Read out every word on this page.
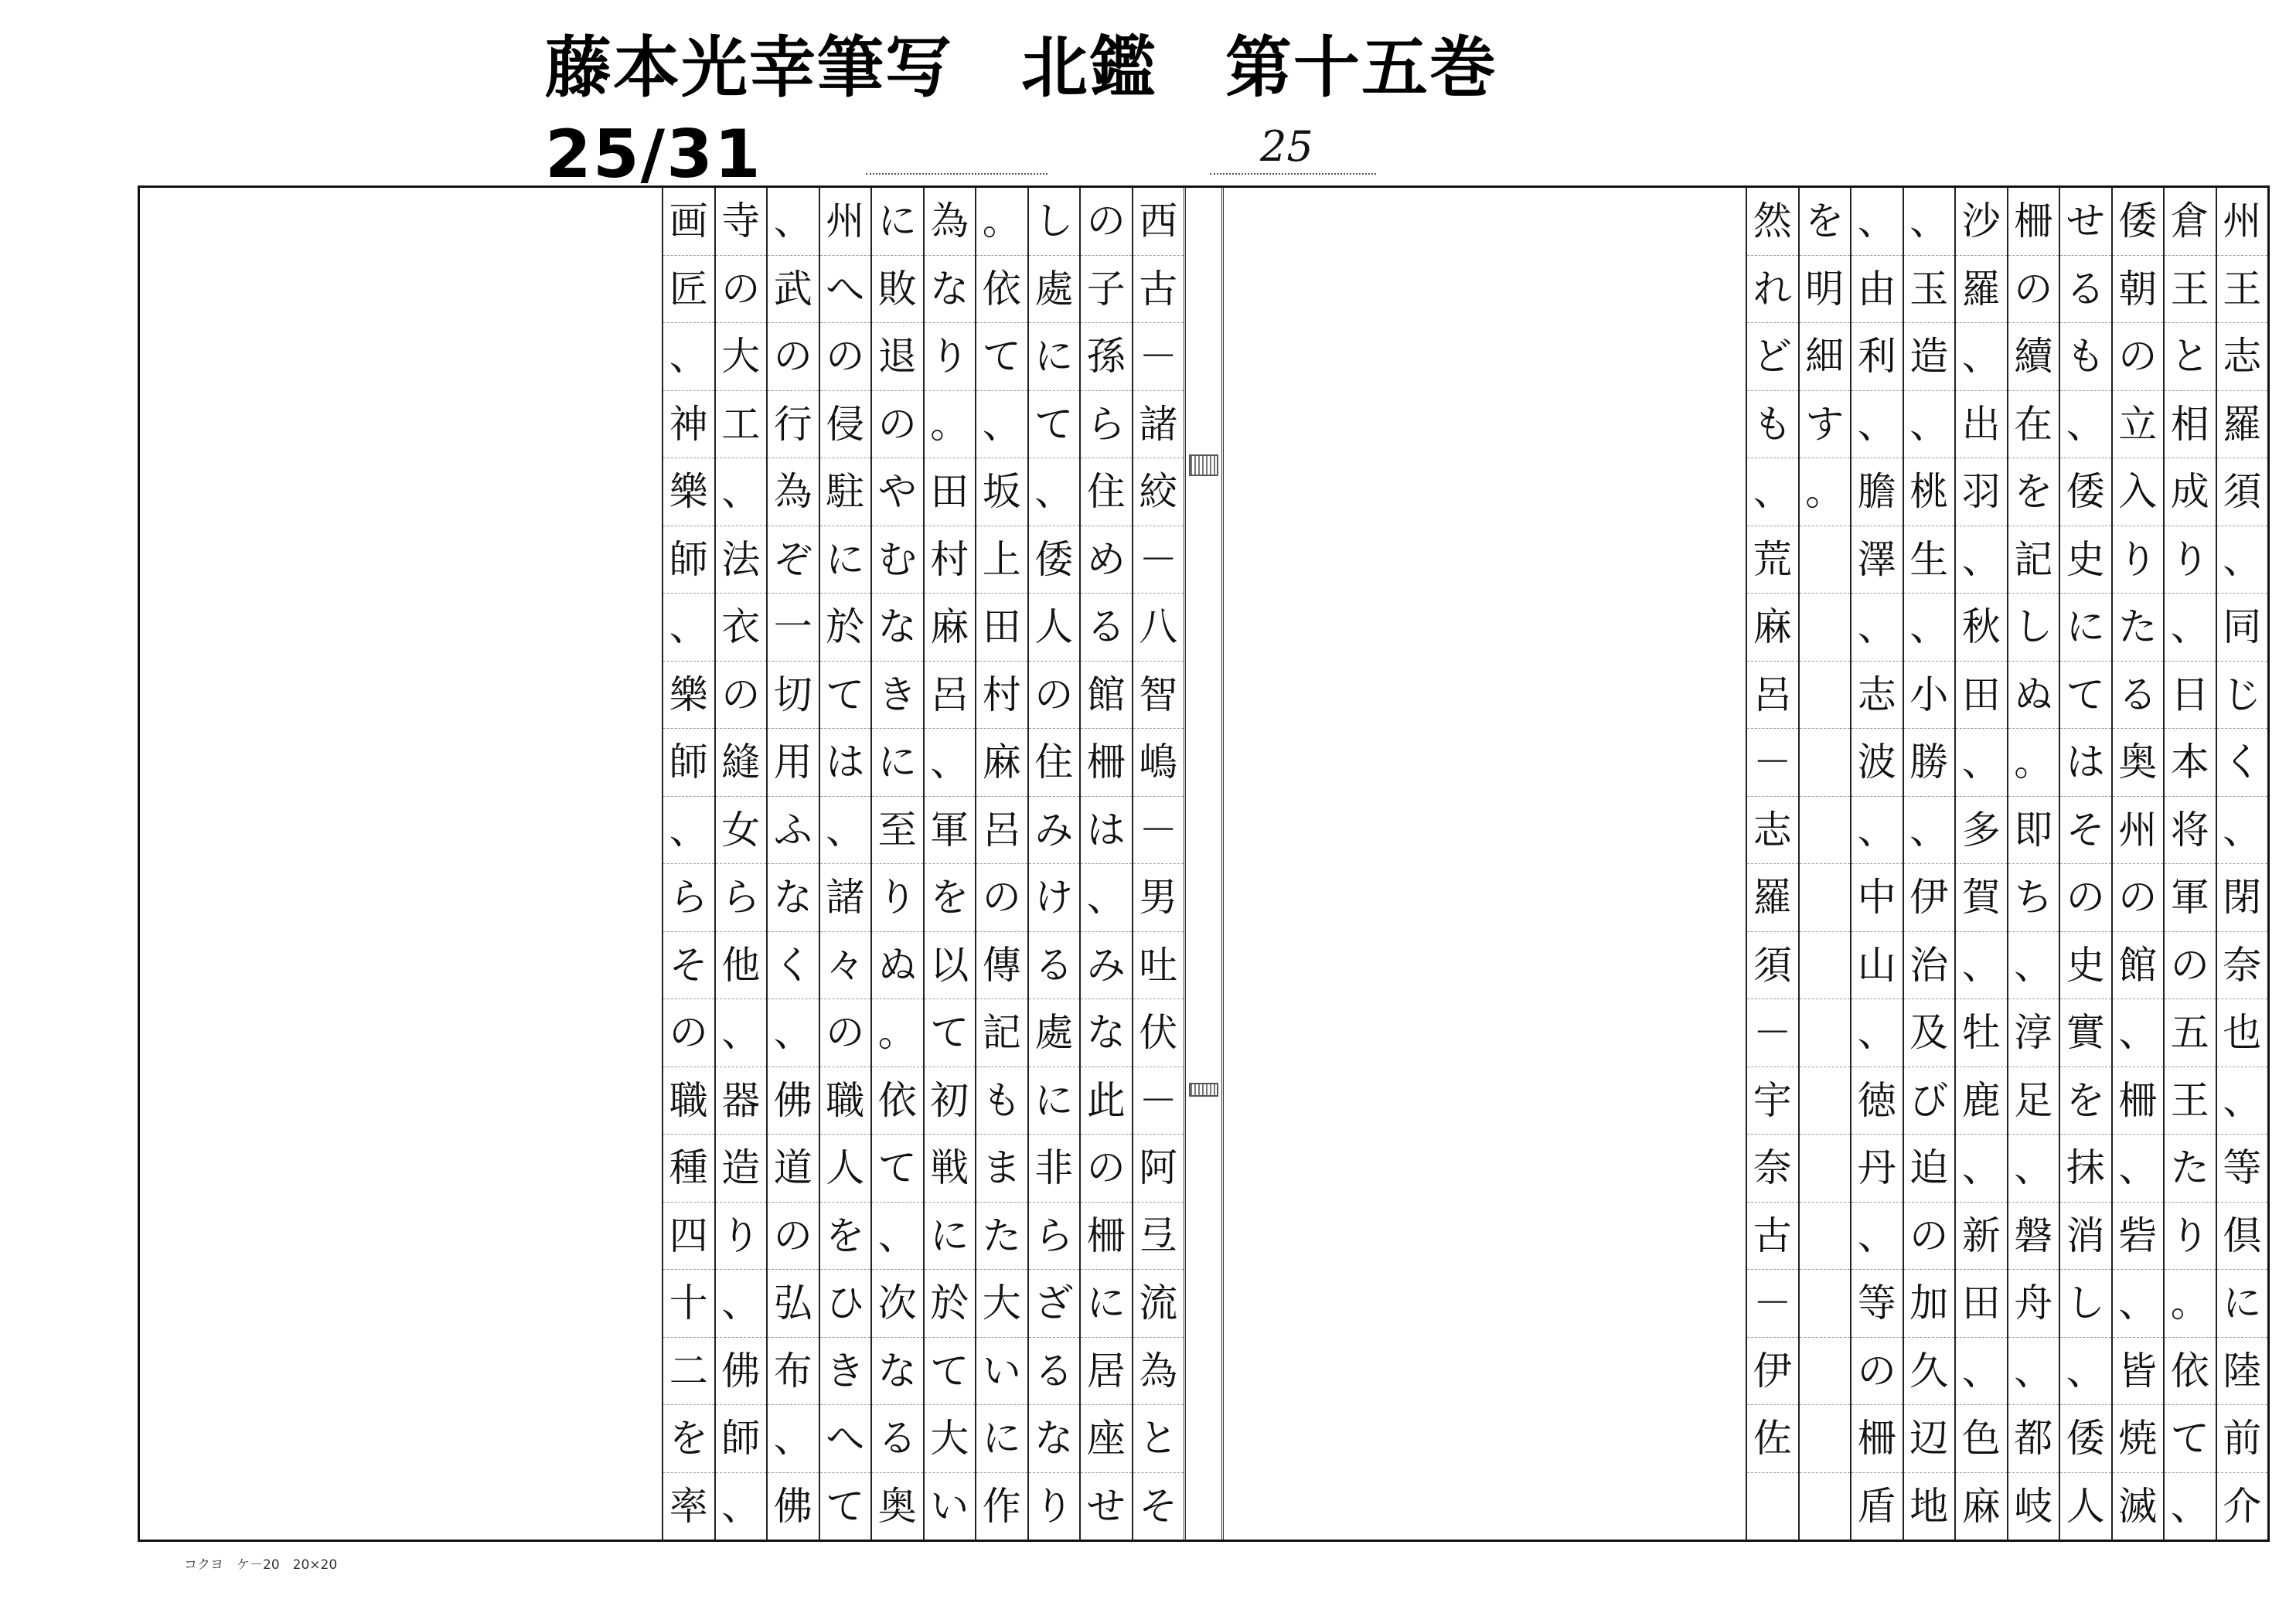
藤本光幸筆写　北鑑　第十五巻
25/31	25
州
王
志
羅
須
、
同
じ
く
、
閉
奈
也
、
等
倶
に
陸
前
介
倉
王
と
相
成
り
、
日
本
将
軍
の
五
王
た
り
。
依
て
、
倭
朝
の
立
入
り
た
る
奥
州
の
館
、
柵
、
砦
、
皆
焼
滅
せ
る
も
、
倭
史
に
て
は
そ
の
史
實
を
抹
消
し
、
倭
人
柵
の
續
在
を
記
し
ぬ
。
即
ち
、
淳
足
、
磐
舟
、
都
岐
沙
羅
、
出
羽
、
秋
田
、
多
賀
、
牡
鹿
、
新
田
、
色
麻
、
玉
造
、
桃
生
、
小
勝
、
伊
治
及
び
迫
の
加
久
辺
地
、
由
利
、
膽
澤
、
志
波
、
中
山
、
徳
丹
、
等
の
柵
盾
を
明
細
す
。
然
れ
ど
も
、
荒
麻
呂
－
志
羅
須
－
宇
奈
古
－
伊
佐
西
古
－
諸
絞
－
八
智
嶋
－
男
吐
伏
－
阿
弖
流
為
と
そ
の
子
孫
ら
住
め
る
館
柵
は
、
み
な
此
の
柵
に
居
座
せ
し
處
に
て
、
倭
人
の
住
み
け
る
處
に
非
ら
ざ
る
な
り
。
依
て
、
坂
上
田
村
麻
呂
の
傳
記
も
ま
た
大
い
に
作
為
な
り
。
田
村
麻
呂
、
軍
を
以
て
初
戦
に
於
て
大
い
に
敗
退
の
や
む
な
き
に
至
り
ぬ
。
依
て
、
次
な
る
奥
州
へ
の
侵
駐
に
於
て
は
、
諸
々
の
職
人
を
ひ
き
へ
て
、
武
の
行
為
ぞ
一
切
用
ふ
な
く
、
佛
道
の
弘
布
、
佛
寺
の
大
工
、
法
衣
の
縫
女
ら
他
、
器
造
り
、
佛
師
、
画
匠
、
神
樂
師
、
樂
師
、
ら
そ
の
職
種
四
十
二
を
率
コクヨ　ケ－20　20×20
